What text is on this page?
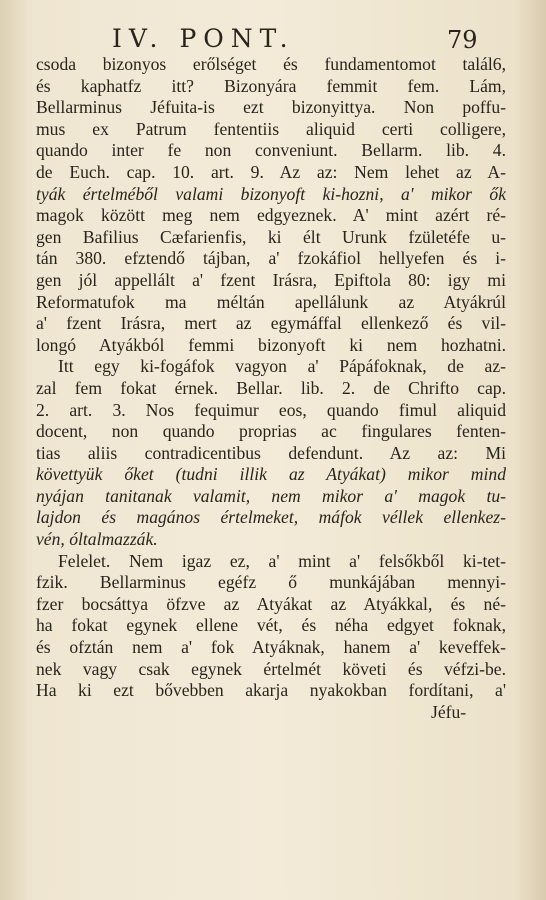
IV. PONT.	79
csoda bizonyos erőlséget és fundamentomot talál6,
és kaphatfz itt? Bizonyára femmit fem. Lám,
Bellarminus Jéfuita-is ezt bizonyittya. Non poffu-
mus ex Patrum fententiis aliquid certi colligere,
quando inter fe non conveniunt. Bellarm. lib. 4.
de Euch. cap. 10. art. 9. Az az: Nem lehet az A-
tyák értelméből valami bizonyoft ki-hozni, a' mikor ők
magok között meg nem edgyeznek. A' mint azért ré-
gen Bafilius Cæfarienfis, ki élt Urunk fzületéfe u-
tán 380. efztendő tájban, a' fzokáfiol hellyefen és i-
gen jól appellált a' fzent Irásra, Epiftola 80: igy mi
Reformatufok ma méltán apellálunk az Atyákrúl
a' fzent Irásra, mert az egymáffal ellenkező és vil-
longó Atyákból femmi bizonyoft ki nem hozhatni.
Itt egy ki-fogáfok vagyon a' Pápáfoknak, de az-
zal fem fokat érnek. Bellar. lib. 2. de Chrifto cap.
2. art. 3. Nos fequimur eos, quando fimul aliquid
docent, non quando proprias ac fingulares fenten-
tias aliis contradicentibus defendunt. Az az: Mi
követtyük őket (tudni illik az Atyákat) mikor mind
nyájan tanitanak valamit, nem mikor a' magok tu-
lajdon és magános értelmeket, máfok véllek ellenkez-
vén, óltalmazzák.
Felelet. Nem igaz ez, a' mint a' felsőkből ki-tet-
fzik. Bellarminus egéfz ő munkájában mennyi-
fzer bocsáttya öfzve az Atyákat az Atyákkal, és né-
ha fokat egynek ellene vét, és néha edgyet foknak,
és ofztán nem a' fok Atyáknak, hanem a' keveffek-
nek vagy csak egynek értelmét követi és véfzi-be.
Ha ki ezt bővebben akarja nyakokban fordítani, a'
Jéfu-
